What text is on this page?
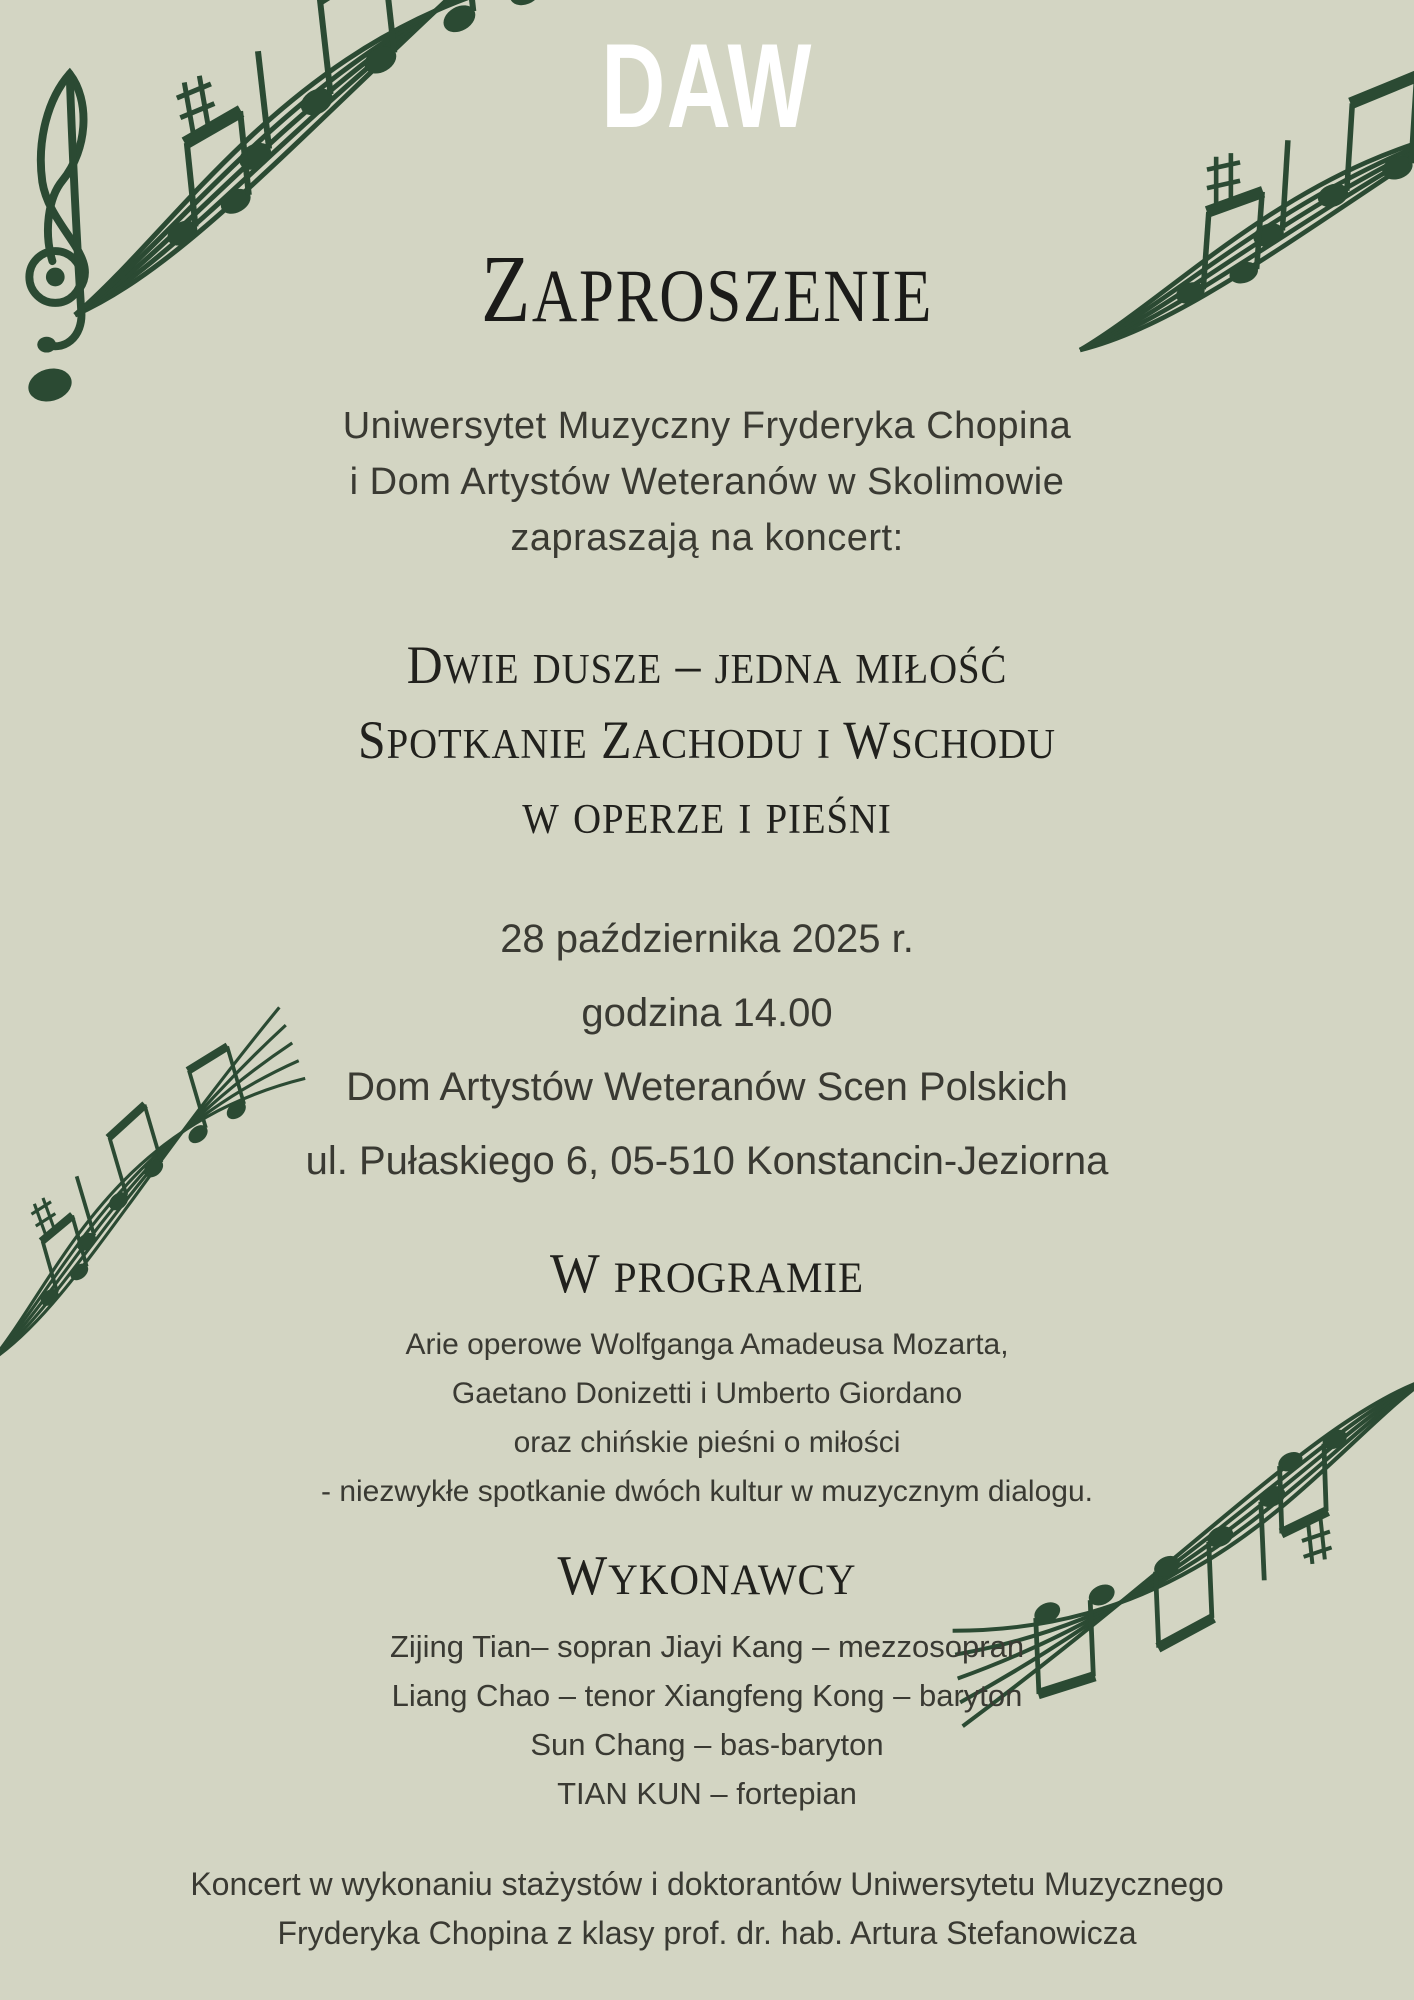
DAW
ZAPROSZENIE
Uniwersytet Muzyczny Fryderyka Chopina
i Dom Artystów Weteranów w Skolimowie
zapraszają na koncert:
DWIE DUSZE – JEDNA MIŁOŚĆ
SPOTKANIE ZACHODU I WSCHODU
W OPERZE I PIEŚNI
28 października 2025 r.
godzina 14.00
Dom Artystów Weteranów Scen Polskich
ul. Pułaskiego 6, 05-510 Konstancin-Jeziorna
W PROGRAMIE
Arie operowe Wolfganga Amadeusa Mozarta,
Gaetano Donizetti i Umberto Giordano
oraz chińskie pieśni o miłości
- niezwykłe spotkanie dwóch kultur w muzycznym dialogu.
WYKONAWCY
Zijing Tian– sopran Jiayi Kang – mezzosopran
Liang Chao – tenor Xiangfeng Kong – baryton
Sun Chang – bas-baryton
TIAN KUN – fortepian
Koncert w wykonaniu stażystów i doktorantów Uniwersytetu Muzycznego
Fryderyka Chopina z klasy prof. dr. hab. Artura Stefanowicza
